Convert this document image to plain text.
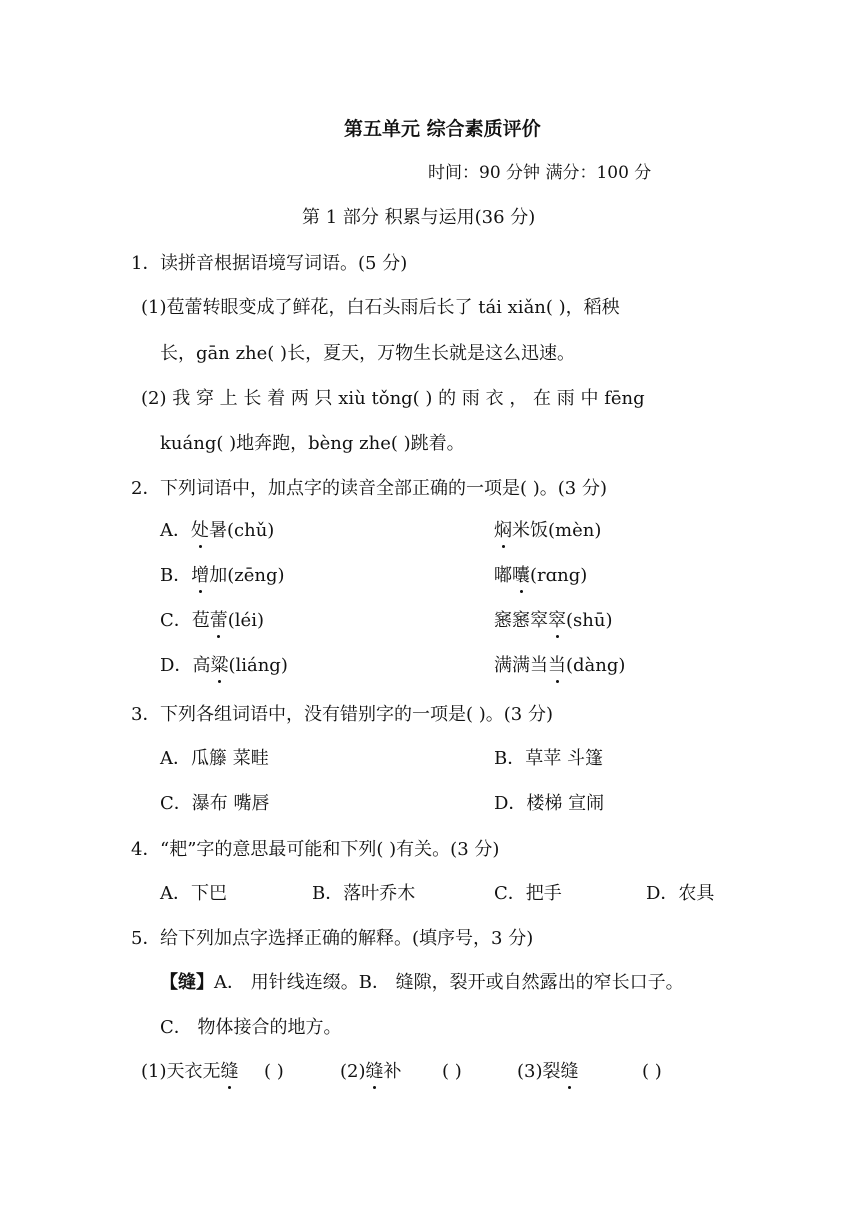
第五单元 综合素质评价
时间：90 分钟 满分：100 分
第 1 部分 积累与运用(36 分)
1． 读拼音根据语境写词语。(5 分)
(1)苞蕾转眼变成了鲜花，白石头雨后长了 tái xiǎn( )，稻秧
长，gān zhe( )长，夏天，万物生长就是这么迅速。
(2) 我 穿 上 长 着 两 只 xiù tǒng( ) 的 雨 衣 ， 在 雨 中 fēng
kuáng( )地奔跑，bèng zhe( )跳着。
2． 下列词语中，加点字的读音全部正确的一项是( )。(3 分)
A．处暑(chǔ)	焖米饭(mèn)
B．增加(zēng)	嘟囔(rɑng)
C．苞蕾(léi)	窸窸窣窣(shū)
D．高粱(liáng)	满满当当(dàng)
3． 下列各组词语中，没有错别字的一项是( )。(3 分)
A．瓜籐 菜畦	B．草苹 斗篷
C．瀑布 嘴唇	D．楼梯 宣闹
4． “耙”字的意思最可能和下列( )有关。(3 分)
A．下巴	B．落叶乔木	C．把手	D．农具
5． 给下列加点字选择正确的解释。(填序号，3 分)
【缝】A． 用针线连缀。B． 缝隙，裂开或自然露出的窄长口子。
C． 物体接合的地方。
(1)天衣无缝 ( )	(2)缝补 ( )	(3)裂缝	( )
